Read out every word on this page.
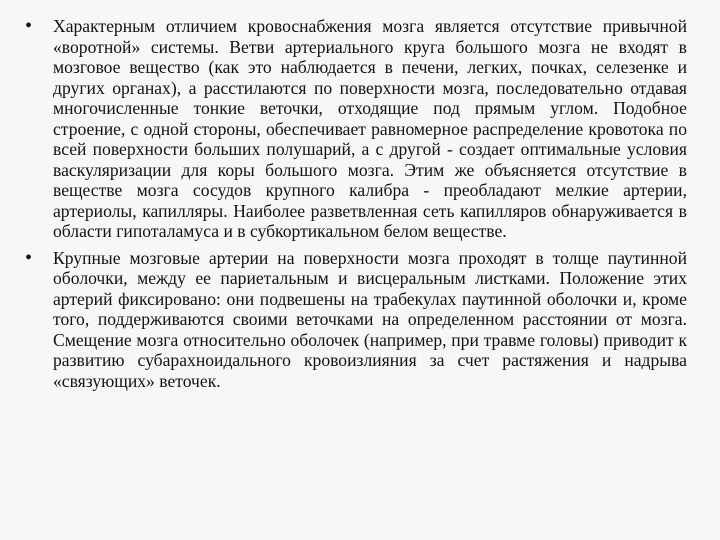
•	Характерным отличием кровоснабжения мозга является отсутствие привычной «воротной» системы. Ветви артериального круга большого мозга не входят в мозговое вещество (как это наблюдается в печени, легких, почках, селезенке и других органах), а расстилаются по поверхности мозга, последовательно отдавая многочисленные тонкие веточки, отходящие под прямым углом. Подобное строение, с одной стороны, обеспечивает равномерное распределение кровотока по всей поверхности больших полушарий, а с другой - создает оптимальные условия васкуляризации для коры большого мозга. Этим же объясняется отсутствие в веществе мозга сосудов крупного калибра - преобладают мелкие артерии, артериолы, капилляры. Наиболее разветвленная сеть капилляров обнаруживается в области гипоталамуса и в субкортикальном белом веществе.
•	Крупные мозговые артерии на поверхности мозга проходят в толще паутинной оболочки, между ее париетальным и висцеральным листками. Положение этих артерий фиксировано: они подвешены на трабекулах паутинной оболочки и, кроме того, поддерживаются своими веточками на определенном расстоянии от мозга. Смещение мозга относительно оболочек (например, при травме головы) приводит к развитию субарахноидального кровоизлияния за счет растяжения и надрыва «связующих» веточек.
